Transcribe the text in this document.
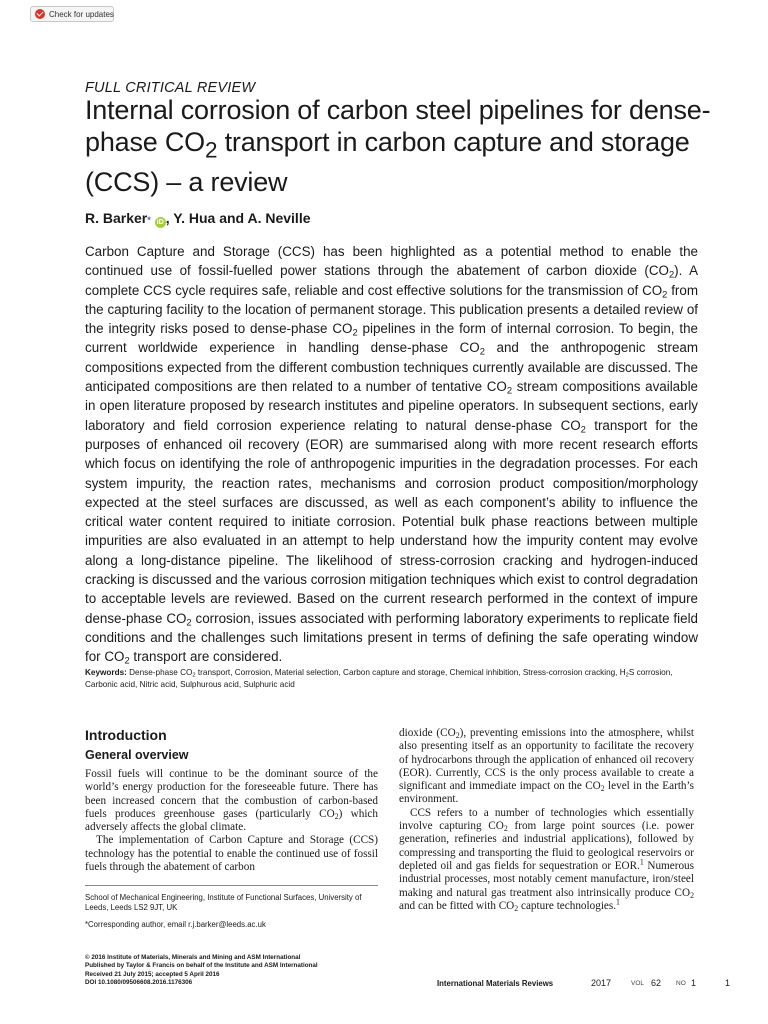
Check for updates
FULL CRITICAL REVIEW
Internal corrosion of carbon steel pipelines for dense-phase $CO_2$ transport in carbon capture and storage (CCS) – a review
R. Barker * iD , Y. Hua and A. Neville
Carbon Capture and Storage (CCS) has been highlighted as a potential method to enable the continued use of fossil-fuelled power stations through the abatement of carbon dioxide $(CO_2)$. A complete CCS cycle requires safe, reliable and cost effective solutions for the transmission of $CO_2$ from the capturing facility to the location of permanent storage. This publication presents a detailed review of the integrity risks posed to dense-phase $CO_2$ pipelines in the form of internal corrosion. To begin, the current worldwide experience in handling dense-phase $CO_2$ and the anthropogenic stream compositions expected from the different combustion techniques currently available are discussed. The anticipated compositions are then related to a number of tentative $CO_2$ stream compositions available in open literature proposed by research institutes and pipeline operators. In subsequent sections, early laboratory and field corrosion experience relating to natural dense-phase $CO_2$ transport for the purposes of enhanced oil recovery (EOR) are summarised along with more recent research efforts which focus on identifying the role of anthropogenic impurities in the degradation processes. For each system impurity, the reaction rates, mechanisms and corrosion product composition/morphology expected at the steel surfaces are discussed, as well as each component’s ability to influence the critical water content required to initiate corrosion. Potential bulk phase reactions between multiple impurities are also evaluated in an attempt to help understand how the impurity content may evolve along a long-distance pipeline. The likelihood of stress-corrosion cracking and hydrogen-induced cracking is discussed and the various corrosion mitigation techniques which exist to control degradation to acceptable levels are reviewed. Based on the current research performed in the context of impure dense-phase $CO_2$ corrosion, issues associated with performing laboratory experiments to replicate field conditions and the challenges such limitations present in terms of defining the safe operating window for $CO_2$ transport are considered.
Keywords: Dense-phase $CO_2$ transport, Corrosion, Material selection, Carbon capture and storage, Chemical inhibition, Stress-corrosion cracking, $H_2S$ corrosion, Carbonic acid, Nitric acid, Sulphurous acid, Sulphuric acid
Introduction
General overview

Fossil fuels will continue to be the dominant source of the world’s energy production for the foreseeable future. There has been increased concern that the combustion of carbon-based fuels produces greenhouse gases (particularly $CO_2$) which adversely affects the global climate.

The implementation of Carbon Capture and Storage (CCS) technology has the potential to enable the continued use of fossil fuels through the abatement of carbon

dioxide $(CO_2)$, preventing emissions into the atmosphere, whilst also presenting itself as an opportunity to facilitate the recovery of hydrocarbons through the application of enhanced oil recovery (EOR). Currently, CCS is the only process available to create a significant and immediate impact on the $CO_2$ level in the Earth’s environment.

CCS refers to a number of technologies which essentially involve capturing $CO_2$ from large point sources (i.e. power generation, refineries and industrial applications), followed by compressing and transporting the fluid to geological reservoirs or depleted oil and gas fields for sequestration or EOR.$^1$ Numerous industrial processes, most notably cement manufacture, iron/steel making and natural gas treatment also intrinsically produce $CO_2$ and can be fitted with $CO_2$ capture technologies.$^1$

School of Mechanical Engineering, Institute of Functional Surfaces, University of Leeds, Leeds LS2 9JT, UK
*Corresponding author, email r.j.barker@leeds.ac.uk
© 2016 Institute of Materials, Minerals and Mining and ASM International
Published by Taylor & Francis on behalf of the Institute and ASM International
Received 21 July 2015; accepted 5 April 2016
DOI 10.1080/09506608.2016.1176306	International Materials Reviews	2017	VOL 62 NO 1	1
